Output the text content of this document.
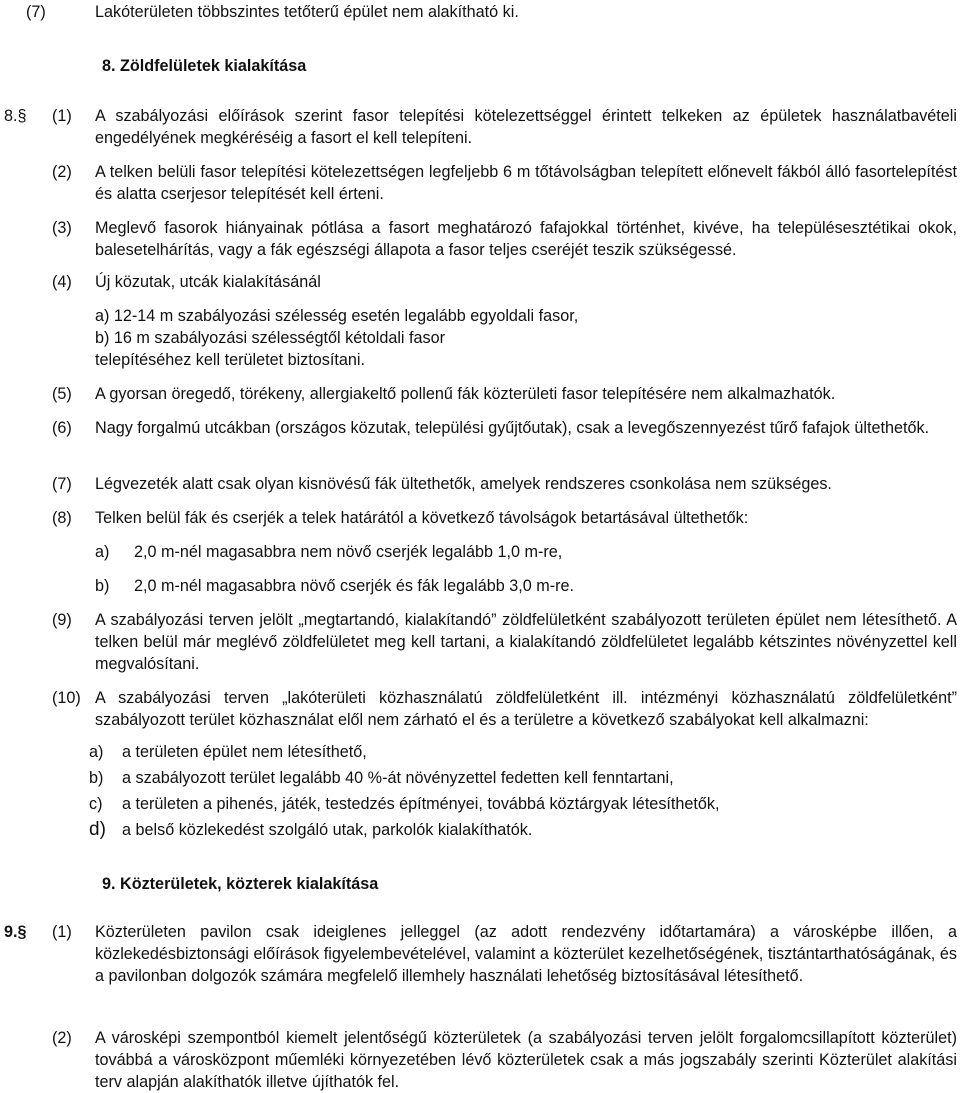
(7)	Lakóterületen többszintes tetőterű épület nem alakítható ki.
8. Zöldfelületek kialakítása
8.§ (1) A szabályozási előírások szerint fasor telepítési kötelezettséggel érintett telkeken az épületek használatbavételi engedélyének megkéréséig a fasort el kell telepíteni.
(2) A telken belüli fasor telepítési kötelezettségen legfeljebb 6 m tőtávolságban telepített előnevelt fákból álló fasortelepítést és alatta cserjesor telepítését kell érteni.
(3) Meglevő fasorok hiányainak pótlása a fasort meghatározó fafajokkal történhet, kivéve, ha településesztétikai okok, balesetelhárítás, vagy a fák egészségi állapota a fasor teljes cseréjét teszik szükségessé.
(4) Új közutak, utcák kialakításánál
a) 12-14 m szabályozási szélesség esetén legalább egyoldali fasor,
b) 16 m szabályozási szélességtől kétoldali fasor
telepítéséhez kell területet biztosítani.
(5) A gyorsan öregedő, törékeny, allergiakeltő pollenű fák közterületi fasor telepítésére nem alkalmazhatók.
(6) Nagy forgalmú utcákban (országos közutak, települési gyűjtőutak), csak a levegőszennyezést tűrő fafajok ültethetők.
(7) Légvezeték alatt csak olyan kisnövésű fák ültethetők, amelyek rendszeres csonkolása nem szükséges.
(8) Telken belül fák és cserjék a telek határától a következő távolságok betartásával ültethetők:
a) 2,0 m-nél magasabbra nem növő cserjék legalább 1,0 m-re,
b) 2,0 m-nél magasabbra növő cserjék és fák legalább 3,0 m-re.
(9) A szabályozási terven jelölt „megtartandó, kialakítandó” zöldfelületként szabályozott területen épület nem létesíthető. A telken belül már meglévő zöldfelületet meg kell tartani, a kialakítandó zöldfelületet legalább kétszintes növényzettel kell megvalósítani.
(10) A szabályozási terven „lakóterületi közhasználatú zöldfelületként ill. intézményi közhasználatú zöldfelületként” szabályozott terület közhasználat elől nem zárható el és a területre a következő szabályokat kell alkalmazni:
a) a területen épület nem létesíthető,
b) a szabályozott terület legalább 40 %-át növényzettel fedetten kell fenntartani,
c) a területen a pihenés, játék, testedzés építményei, továbbá köztárgyak létesíthetők,
d) a belső közlekedést szolgáló utak, parkolók kialakíthatók.
9. Közterületek, közterek kialakítása
9.§ (1) Közterületen pavilon csak ideiglenes jelleggel (az adott rendezvény időtartamára) a városképbe illően, a közlekedésbiztonsági előírások figyelembevételével, valamint a közterület kezelhetőségének, tisztántarthatóságának, és a pavilonban dolgozók számára megfelelő illemhely használati lehetőség biztosításával létesíthető.
(2) A városképi szempontból kiemelt jelentőségű közterületek (a szabályozási terven jelölt forgalomcsillapított közterület) továbbá a városközpont műemléki környezetében lévő közterületek csak a más jogszabály szerinti Közterület alakítási terv alapján alakíthatók illetve újíthatók fel.
